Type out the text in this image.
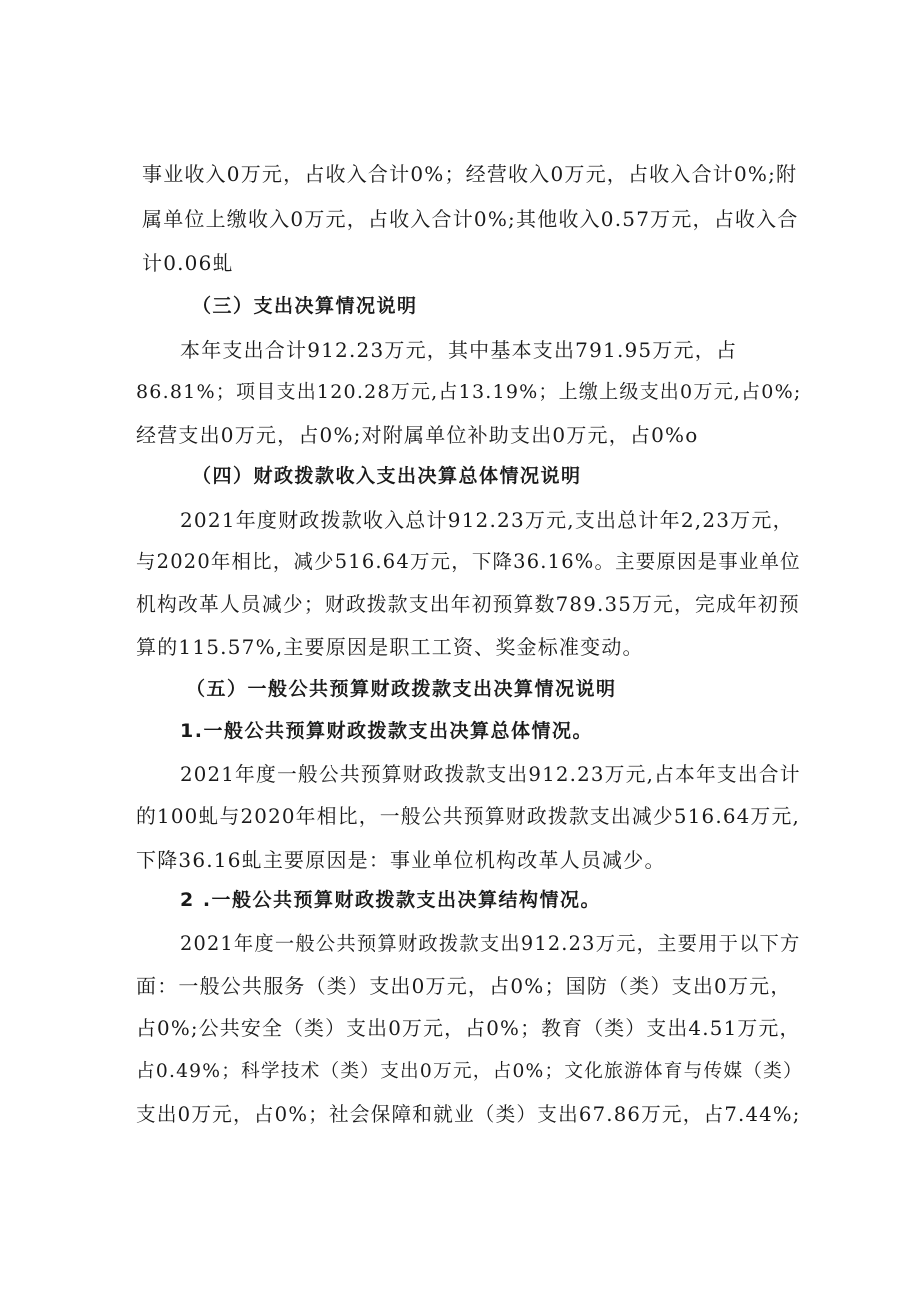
事业收入0万元，占收入合计0%；经营收入0万元，占收入合计0%;附
属单位上缴收入0万元，占收入合计0%;其他收入0.57万元，占收入合
计0.06虬
（三）支出决算情况说明
本年支出合计912.23万元，其中基本支出791.95万元，占
86.81%；项目支出120.28万元,占13.19%；上缴上级支出0万元,占0%;
经营支出0万元，占0%;对附属单位补助支出0万元，占0%o
（四）财政拨款收入支出决算总体情况说明
2021年度财政拨款收入总计912.23万元,支出总计年2,23万元，
与2020年相比，减少516.64万元，下降36.16%。主要原因是事业单位
机构改革人员减少；财政拨款支出年初预算数789.35万元，完成年初预
算的115.57%,主要原因是职工工资、奖金标准变动。
（五）一般公共预算财政拨款支出决算情况说明
1.一般公共预算财政拨款支出决算总体情况。
2021年度一般公共预算财政拨款支出912.23万元,占本年支出合计
的100虬与2020年相比，一般公共预算财政拨款支出减少516.64万元,
下降36.16虬主要原因是：事业单位机构改革人员减少。
2 .一般公共预算财政拨款支出决算结构情况。
2021年度一般公共预算财政拨款支出912.23万元，主要用于以下方
面：一般公共服务（类）支出0万元，占0%；国防（类）支出0万元，
占0%;公共安全（类）支出0万元，占0%；教育（类）支出4.51万元，
占0.49%；科学技术（类）支出0万元，占0%；文化旅游体育与传媒（类）
支出0万元，占0%；社会保障和就业（类）支出67.86万元，占7.44%;
